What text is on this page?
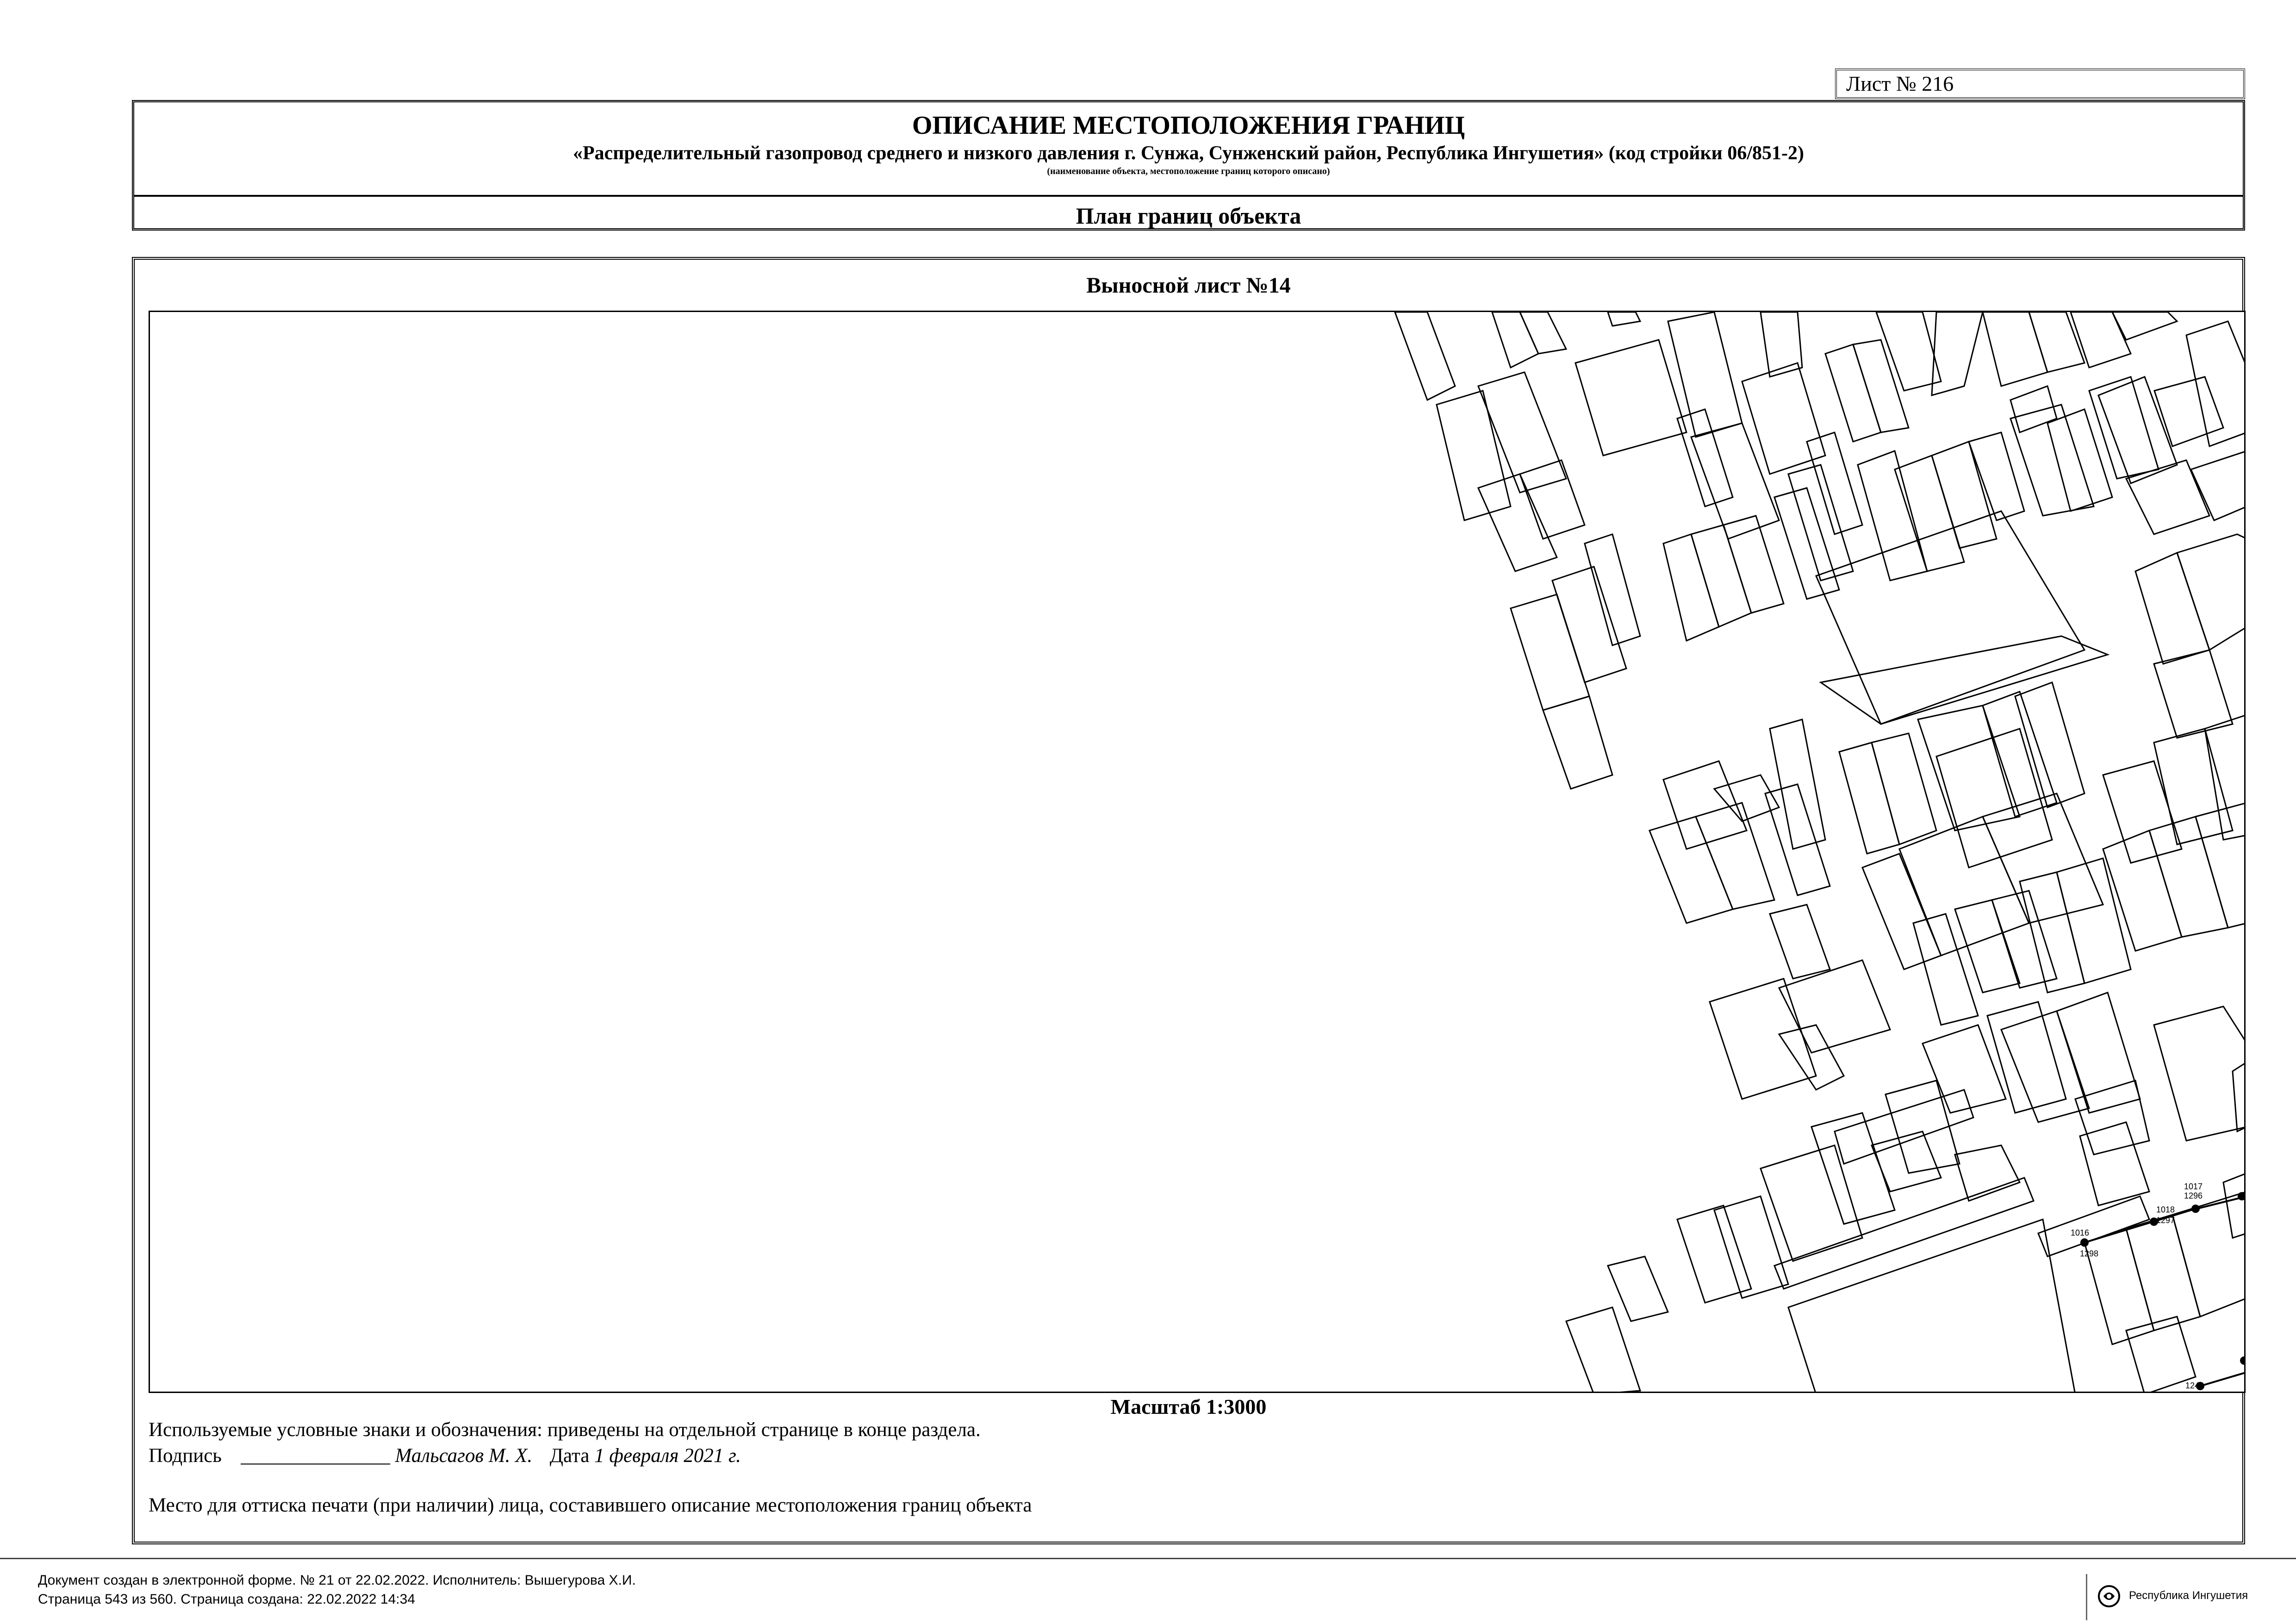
Лист № 216
ОПИСАНИЕ МЕСТОПОЛОЖЕНИЯ ГРАНИЦ
«Распределительный газопровод среднего и низкого давления г. Сунжа, Сунженский район, Республика Ингушетия» (код стройки 06/851-2)
(наименование объекта, местоположение границ которого описано)
План границ объекта
Выносной лист №14
1017
1296
1018
1297
1016
1298
1248
Масштаб 1:3000
Используемые условные знаки и обозначения: приведены на отдельной странице в конце раздела.
Подпись _______________ Мальсагов М. Х. Дата 1 февраля 2021 г.
Место для оттиска печати (при наличии) лица, составившего описание местоположения границ объекта
Документ создан в электронной форме. № 21 от 22.02.2022. Исполнитель: Вышегурова Х.И.
Страница 543 из 560. Страница создана: 22.02.2022 14:34	Республика Ингушетия
